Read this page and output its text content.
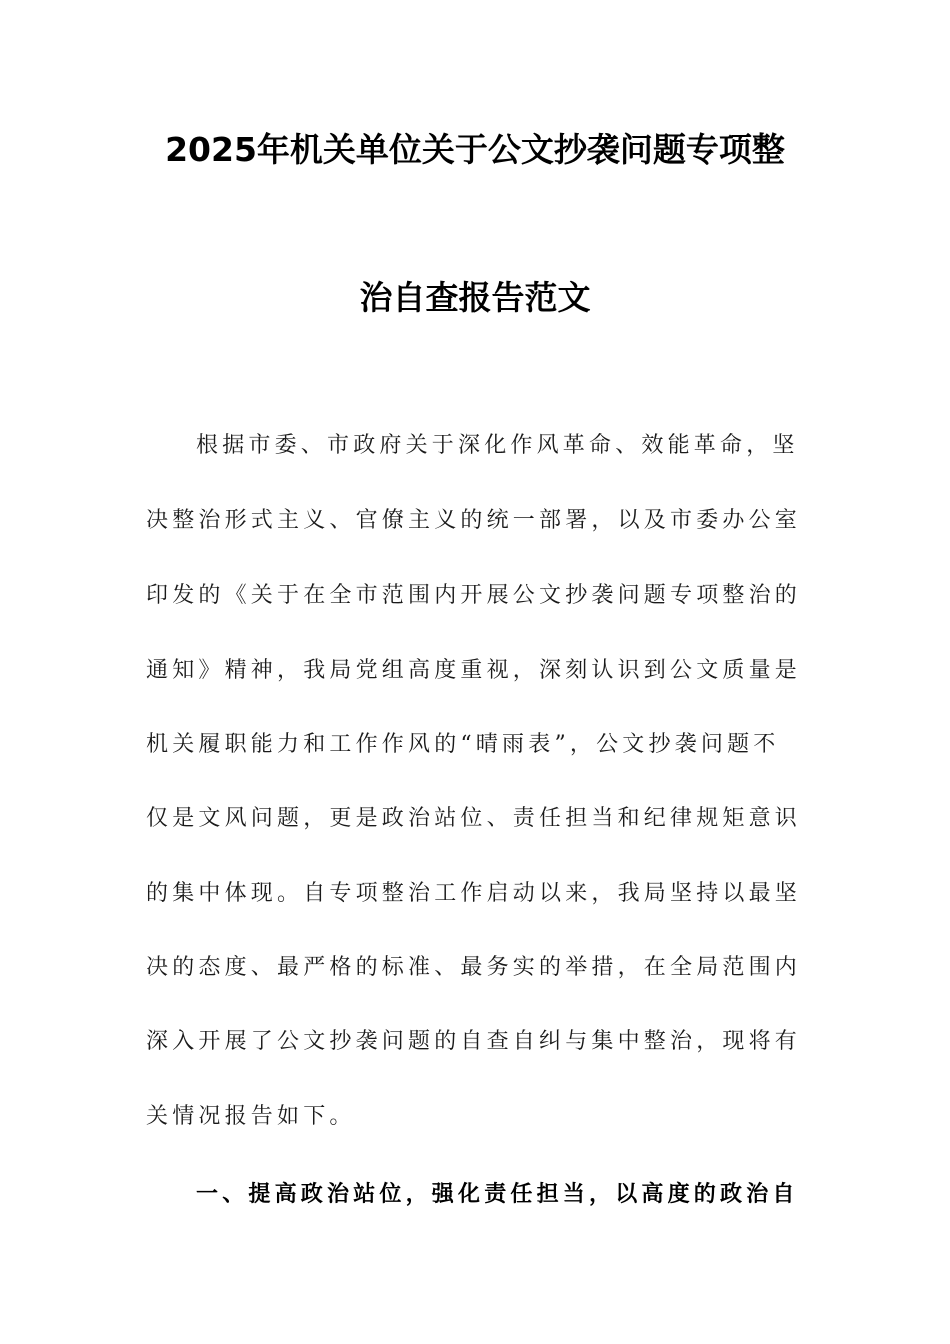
2025年机关单位关于公文抄袭问题专项整
治自查报告范文
根据市委、市政府关于深化作风革命、效能革命，坚
决整治形式主义、官僚主义的统一部署，以及市委办公室
印发的《关于在全市范围内开展公文抄袭问题专项整治的
通知》精神，我局党组高度重视，深刻认识到公文质量是
机关履职能力和工作作风的“晴雨表”，公文抄袭问题不
仅是文风问题，更是政治站位、责任担当和纪律规矩意识
的集中体现。自专项整治工作启动以来，我局坚持以最坚
决的态度、最严格的标准、最务实的举措，在全局范围内
深入开展了公文抄袭问题的自查自纠与集中整治，现将有
关情况报告如下。
一、提高政治站位，强化责任担当，以高度的政治自
